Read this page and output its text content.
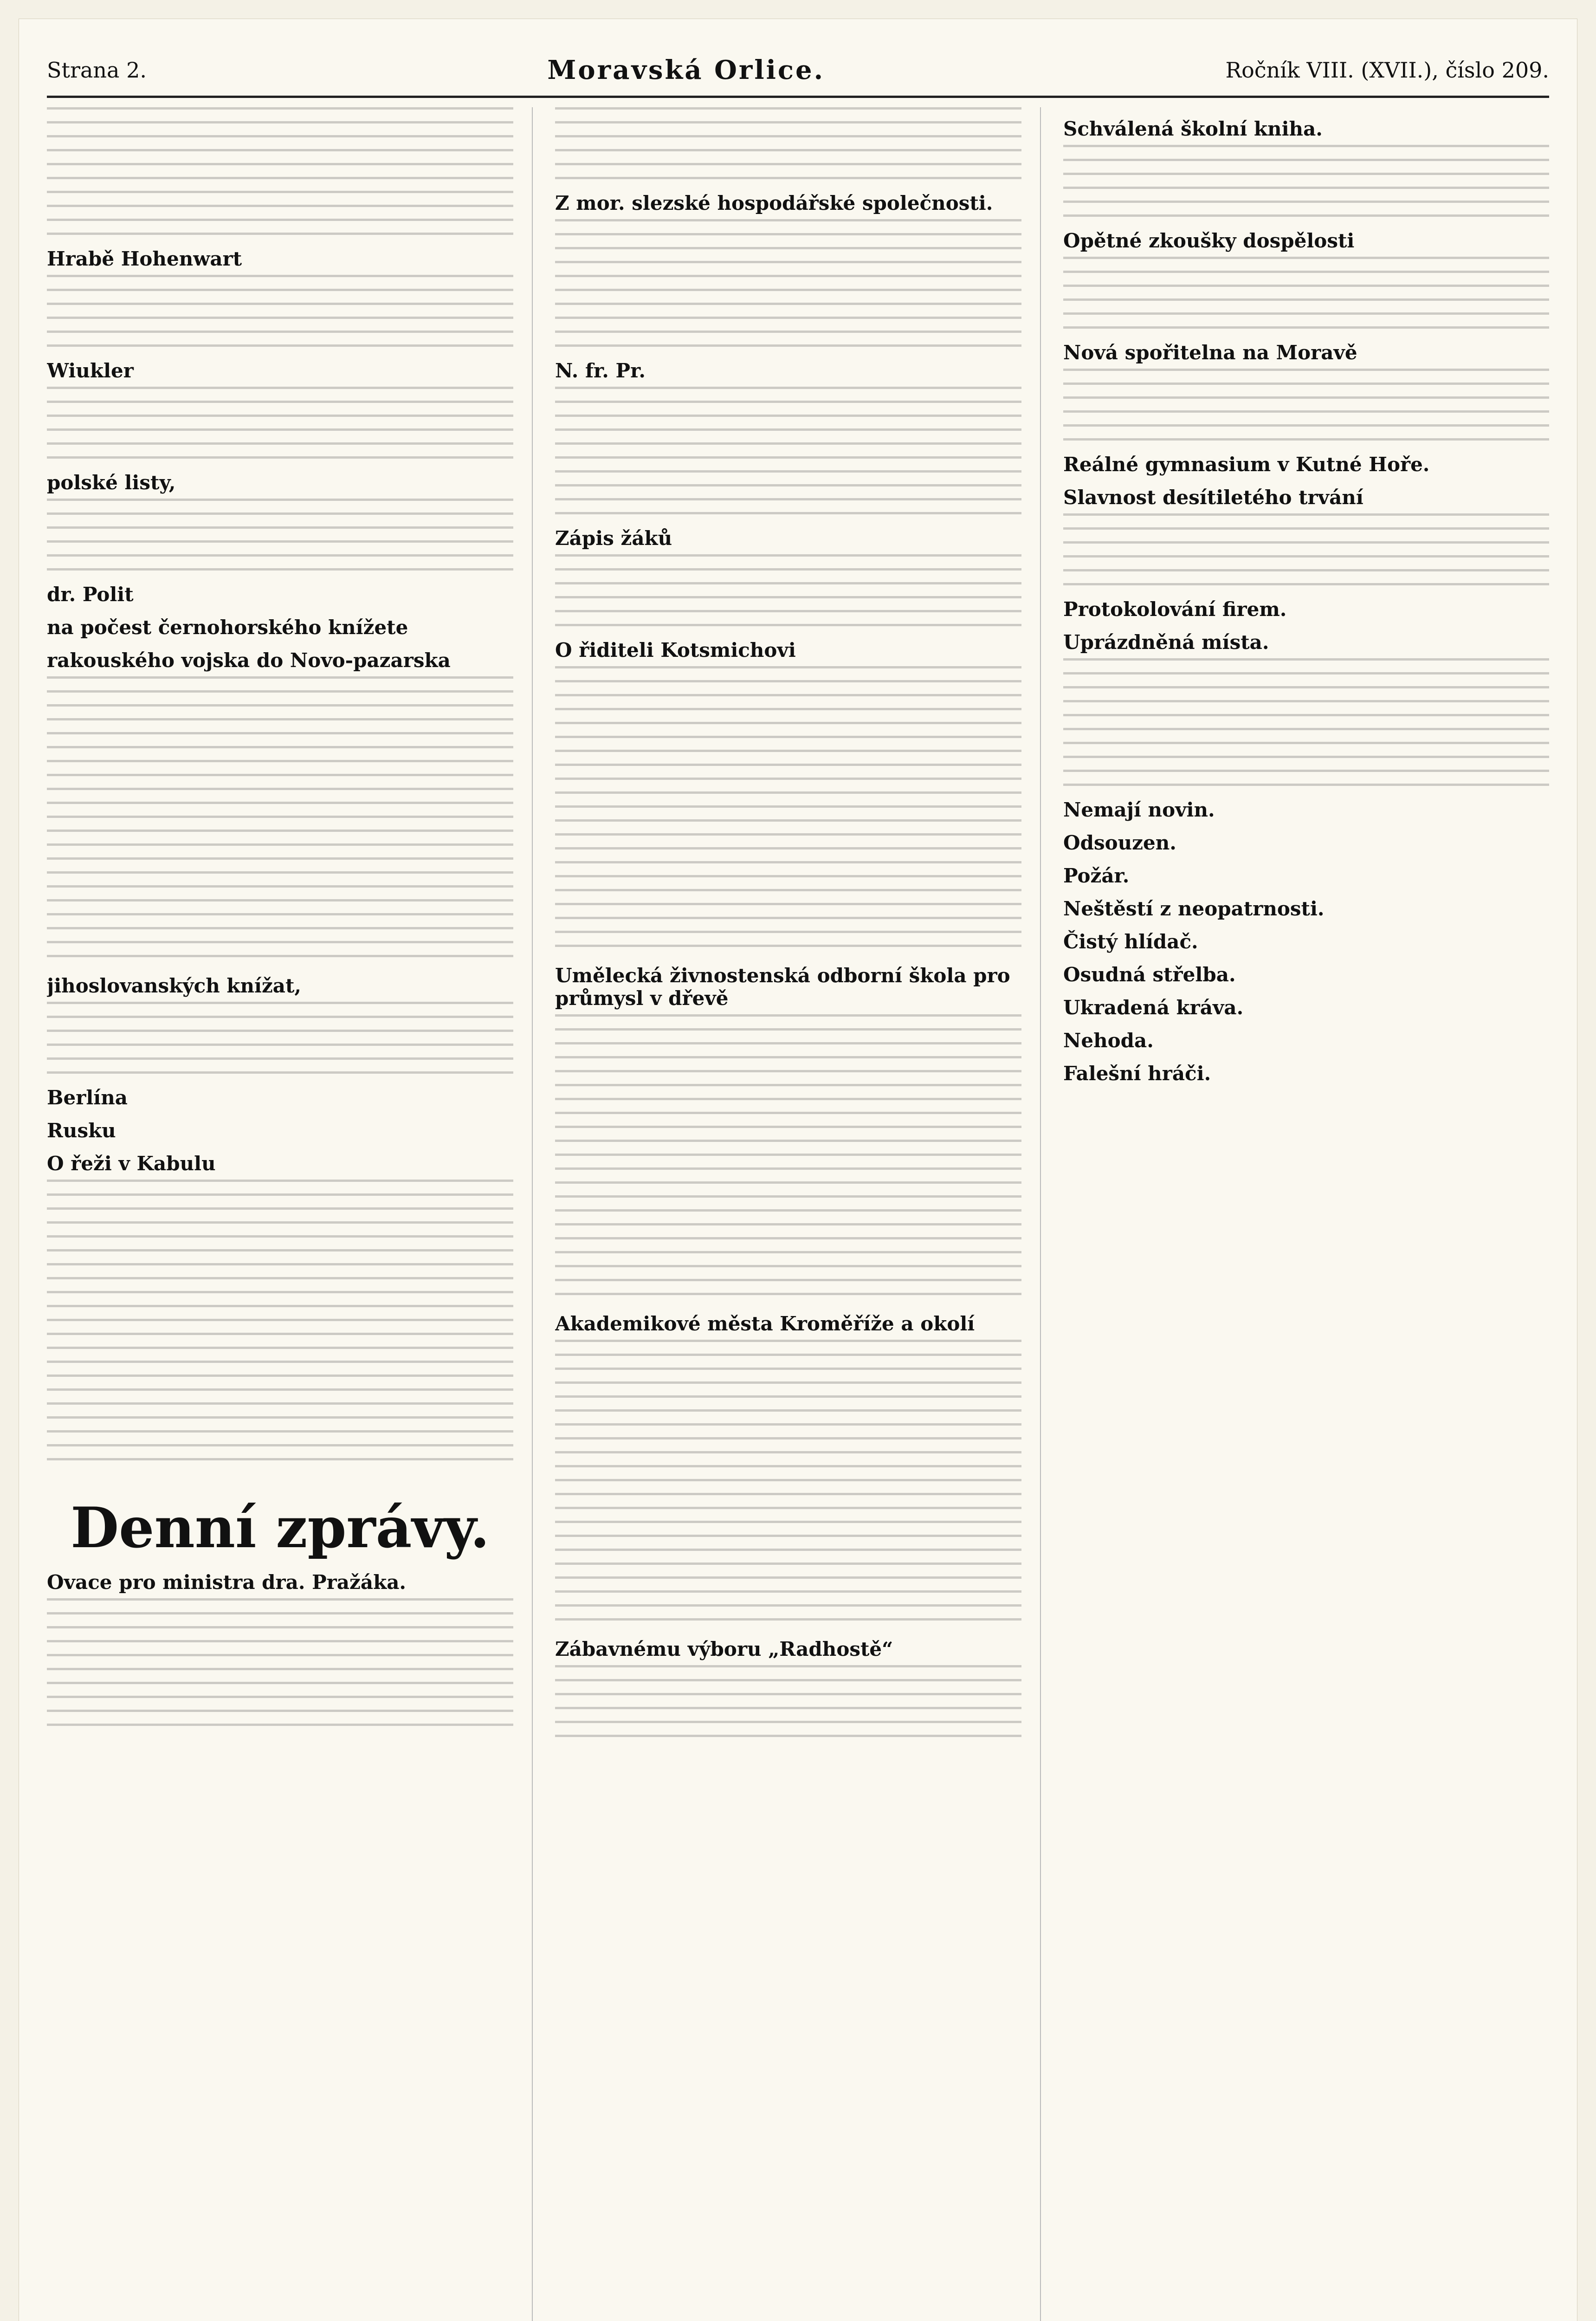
Strana 2.	Moravská Orlice.	Ročník VIII. (XVII.), číslo 209.
Hrabě Hohenwart
Wiukler
polské listy,
dr. Polit
na počest černohorského knížete
rakouského vojska do Novo-pazarska
jihoslovanských knížat,
Berlína
Rusku
O řeži v Kabulu
Denní zprávy.
Ovace pro ministra dra. Pražáka.
Z mor. slezské hospodářské společnosti.
N. fr. Pr.
Zápis žáků
O řiditeli Kotsmichovi
Umělecká živnostenská odborní škola pro průmysl v dřevě
Akademikové města Kroměříže a okolí
Zábavnému výboru „Radhostě“
Schválená školní kniha.
Opětné zkoušky dospělosti
Nová spořitelna na Moravě
Reálné gymnasium v Kutné Hoře.
Slavnost desítiletého trvání
Protokolování firem.
Uprázdněná místa.
Nemají novin.
Odsouzen.
Požár.
Neštěstí z neopatrnosti.
Čistý hlídač.
Osudná střelba.
Ukradená kráva.
Nehoda.
Falešní hráči.
